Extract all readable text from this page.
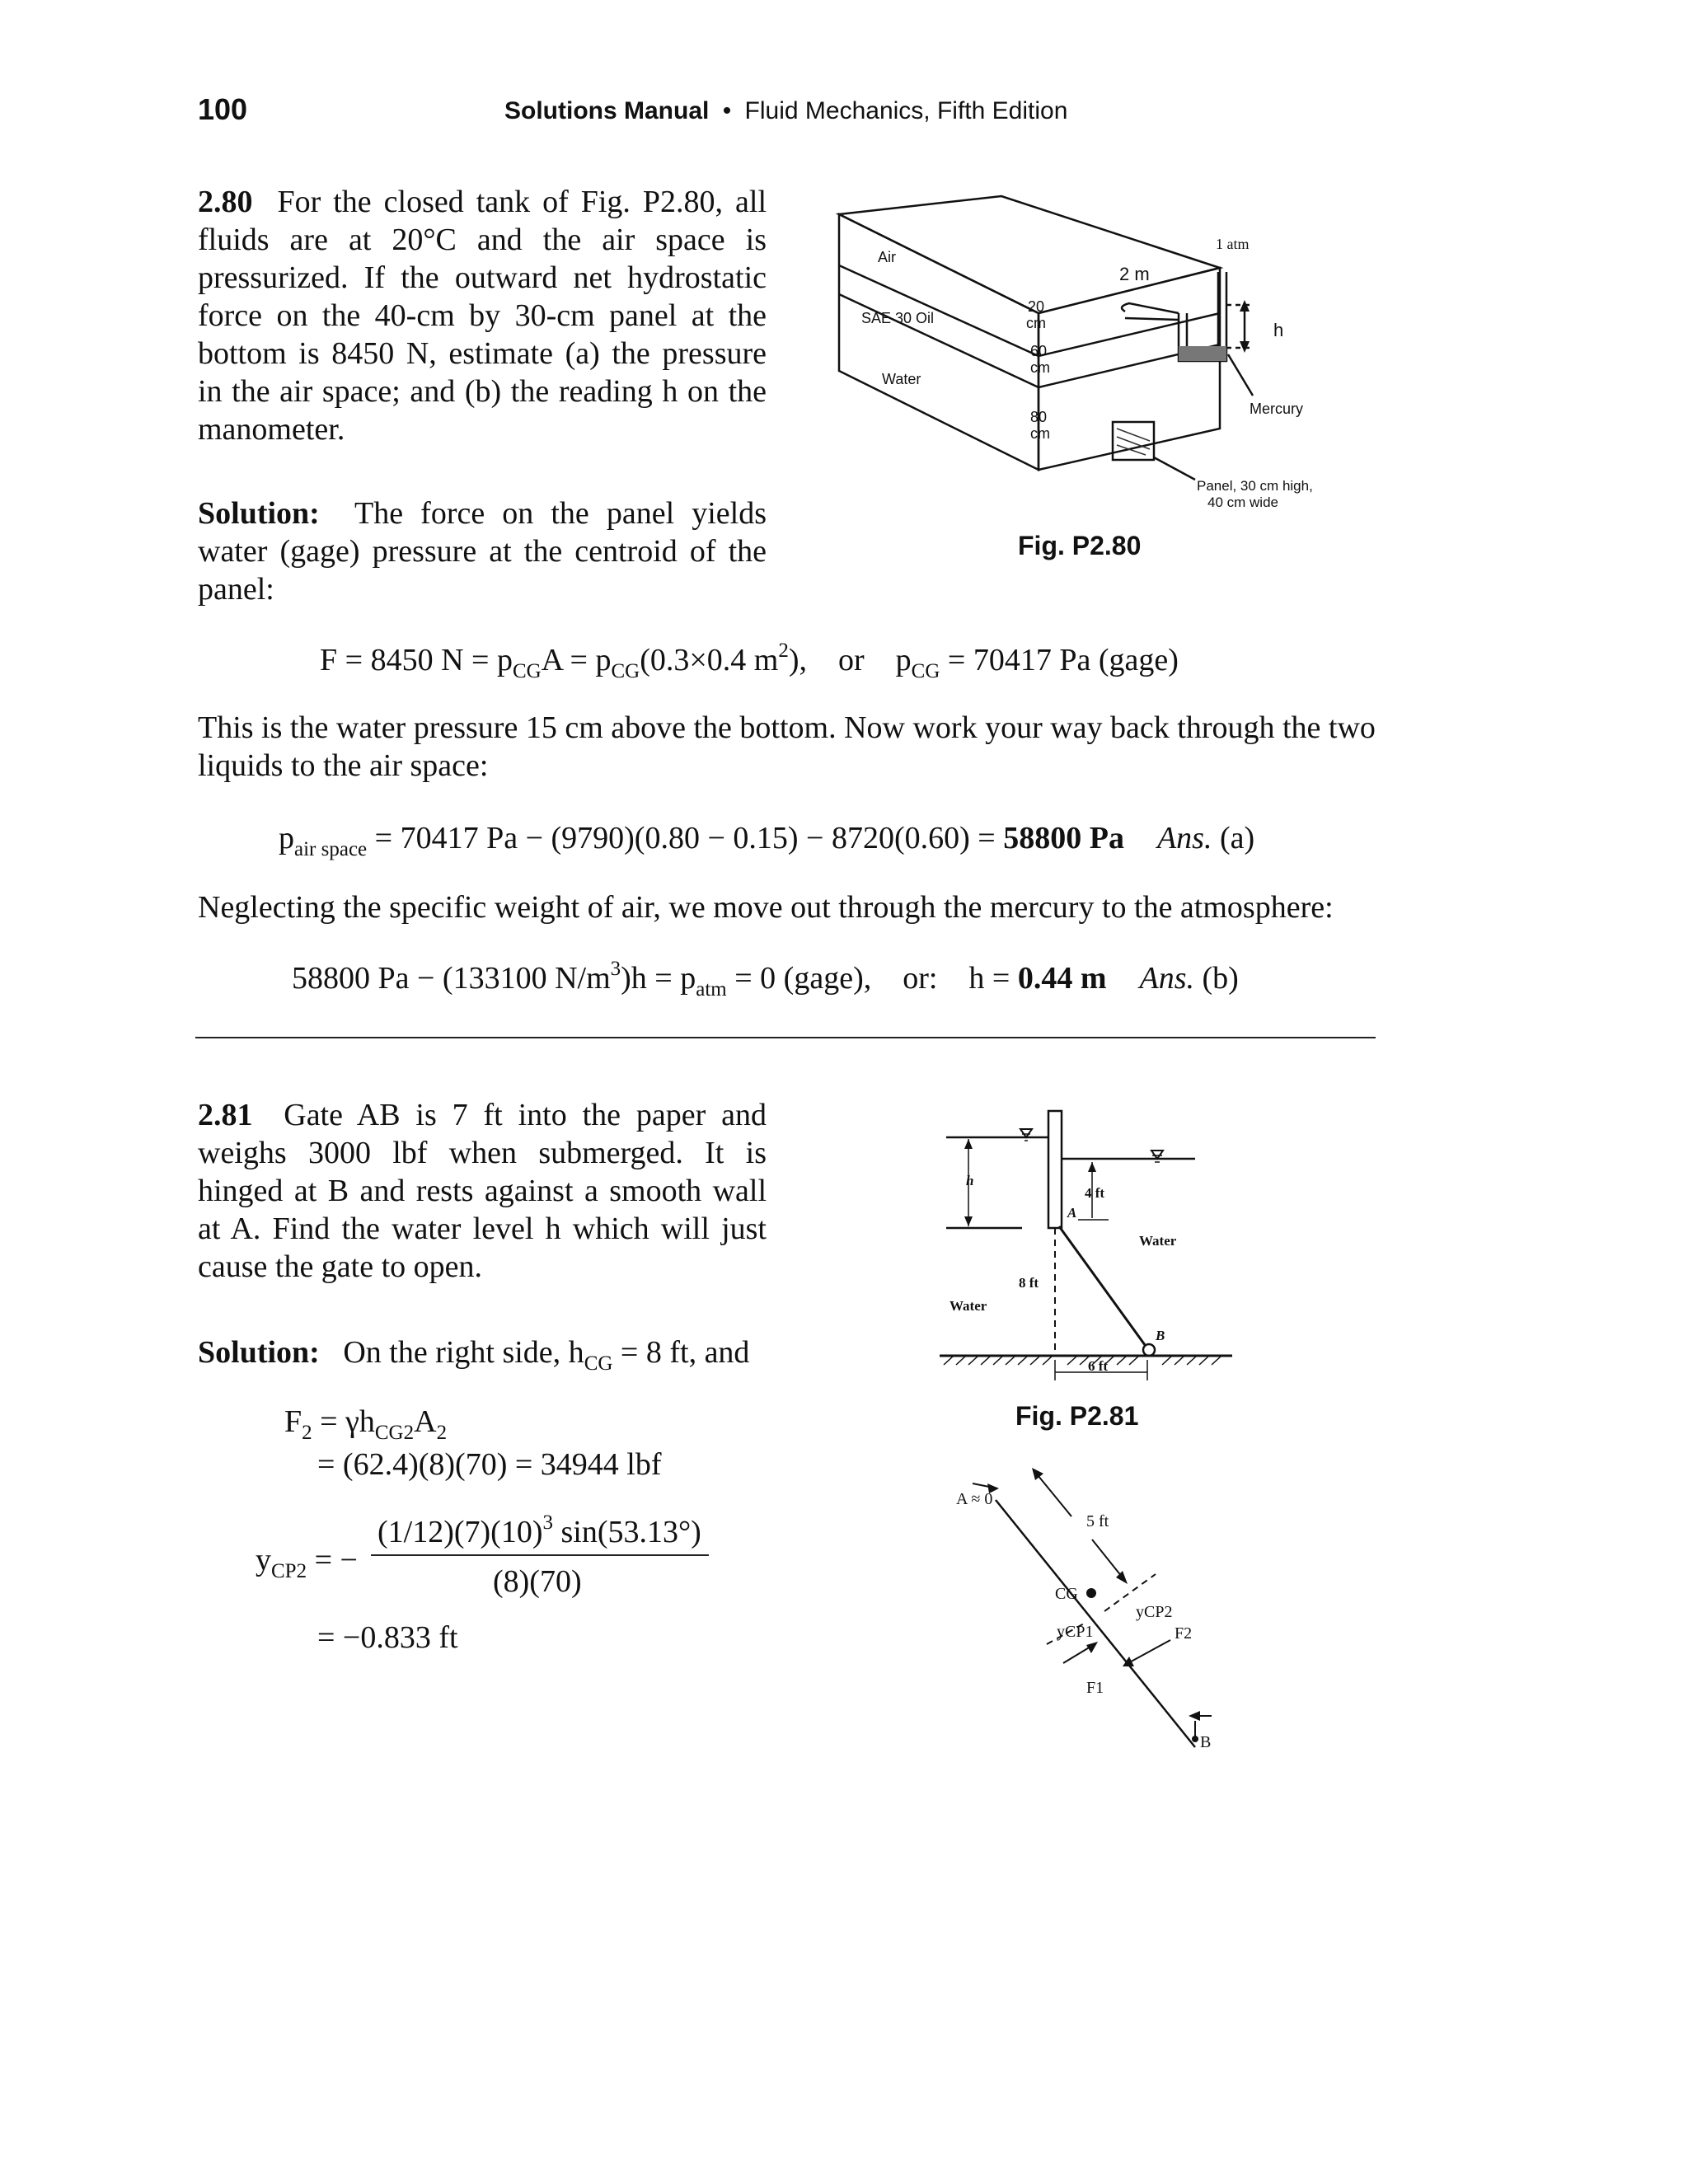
100	Solutions Manual • Fluid Mechanics, Fifth Edition
2.80 For the closed tank of Fig. P2.80, all fluids are at 20°C and the air space is pressurized. If the outward net hydrostatic force on the 40-cm by 30-cm panel at the bottom is 8450 N, estimate (a) the pressure in the air space; and (b) the reading h on the manometer.
Solution: The force on the panel yields water (gage) pressure at the centroid of the panel:
Air
SAE 30 Oil
Water
20
cm
60
cm
80
cm
2 m
1 atm
h
Mercury
Panel, 30 cm high,
40 cm wide
Fig. P2.80
F = 8450 $N = p_{CG}A = p_{CG}(0.3\times 0.4$ $m^2$),    or    $p_{CG} = 70417$ Pa (gage)
This is the water pressure 15 cm above the bottom. Now work your way back through the two liquids to the air space:
$p_{air space} = 70417$ Pa − (9790)(0.80 − 0.15) − 8720(0.60) = 58800 Pa Ans. (a)
Neglecting the specific weight of air, we move out through the mercury to the atmosphere:
58800 Pa − (133100 $N/m^3)h = p_{atm} = 0$ (gage),    or:    h = 0.44 m Ans. (b)
2.81 Gate AB is 7 ft into the paper and weighs 3000 lbf when submerged. It is hinged at B and rests against a smooth wall at A. Find the water level h which will just cause the gate to open.
Solution: On the right side, $h_{CG} = 8$ ft, and
$F_2 = \gamma h_{CG2}A_2$
= (62.4)(8)(70) = 34944 lbf
$y_{CP2}$ = −
$(1/12)(7)(10)^3$ sin(53.13°)
(8)(70)
= −0.833 ft
h
4 ft
A
Water
8 ft
Water
B
6 ft
Fig. P2.81
A ≈ 0
5 ft
CG
yCP2
yCP1	F2
F1
B
